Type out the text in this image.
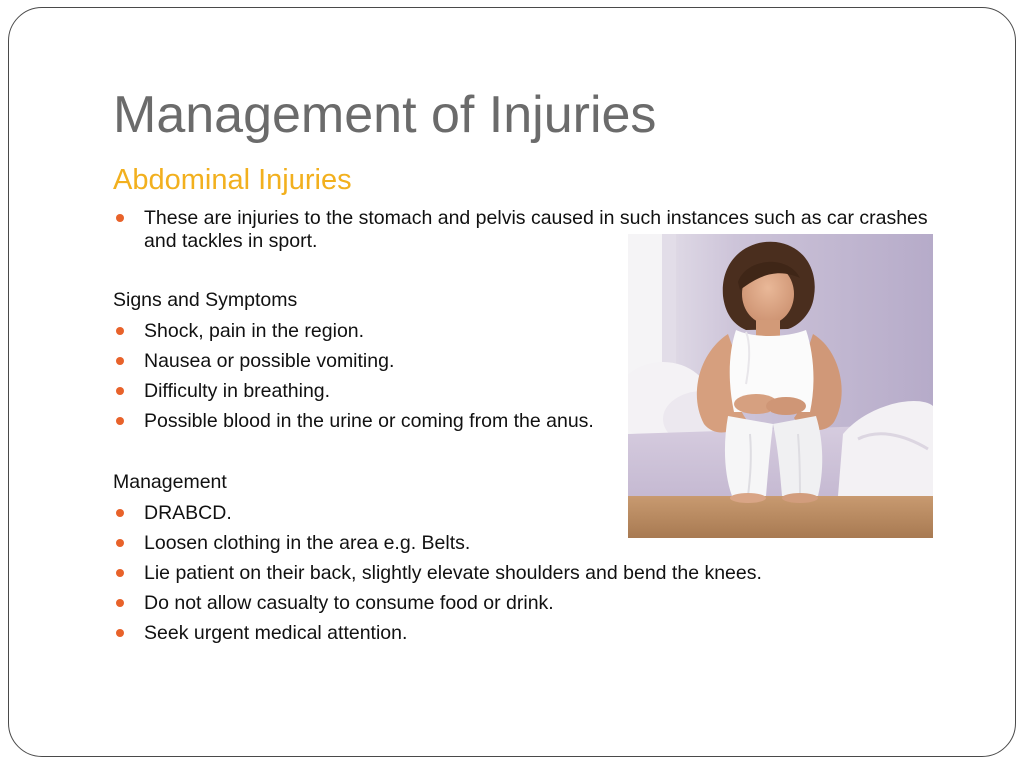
Management of Injuries
Abdominal Injuries
These are injuries to the stomach and pelvis caused in such instances such as car crashes and tackles in sport.
Signs and Symptoms
Shock, pain in the region.
Nausea or possible vomiting.
Difficulty in breathing.
Possible blood in the urine or coming from the anus.
Management
DRABCD.
Loosen clothing in the area e.g. Belts.
Lie patient on their back, slightly elevate shoulders and bend the knees.
Do not allow casualty to consume food or drink.
Seek urgent medical attention.
